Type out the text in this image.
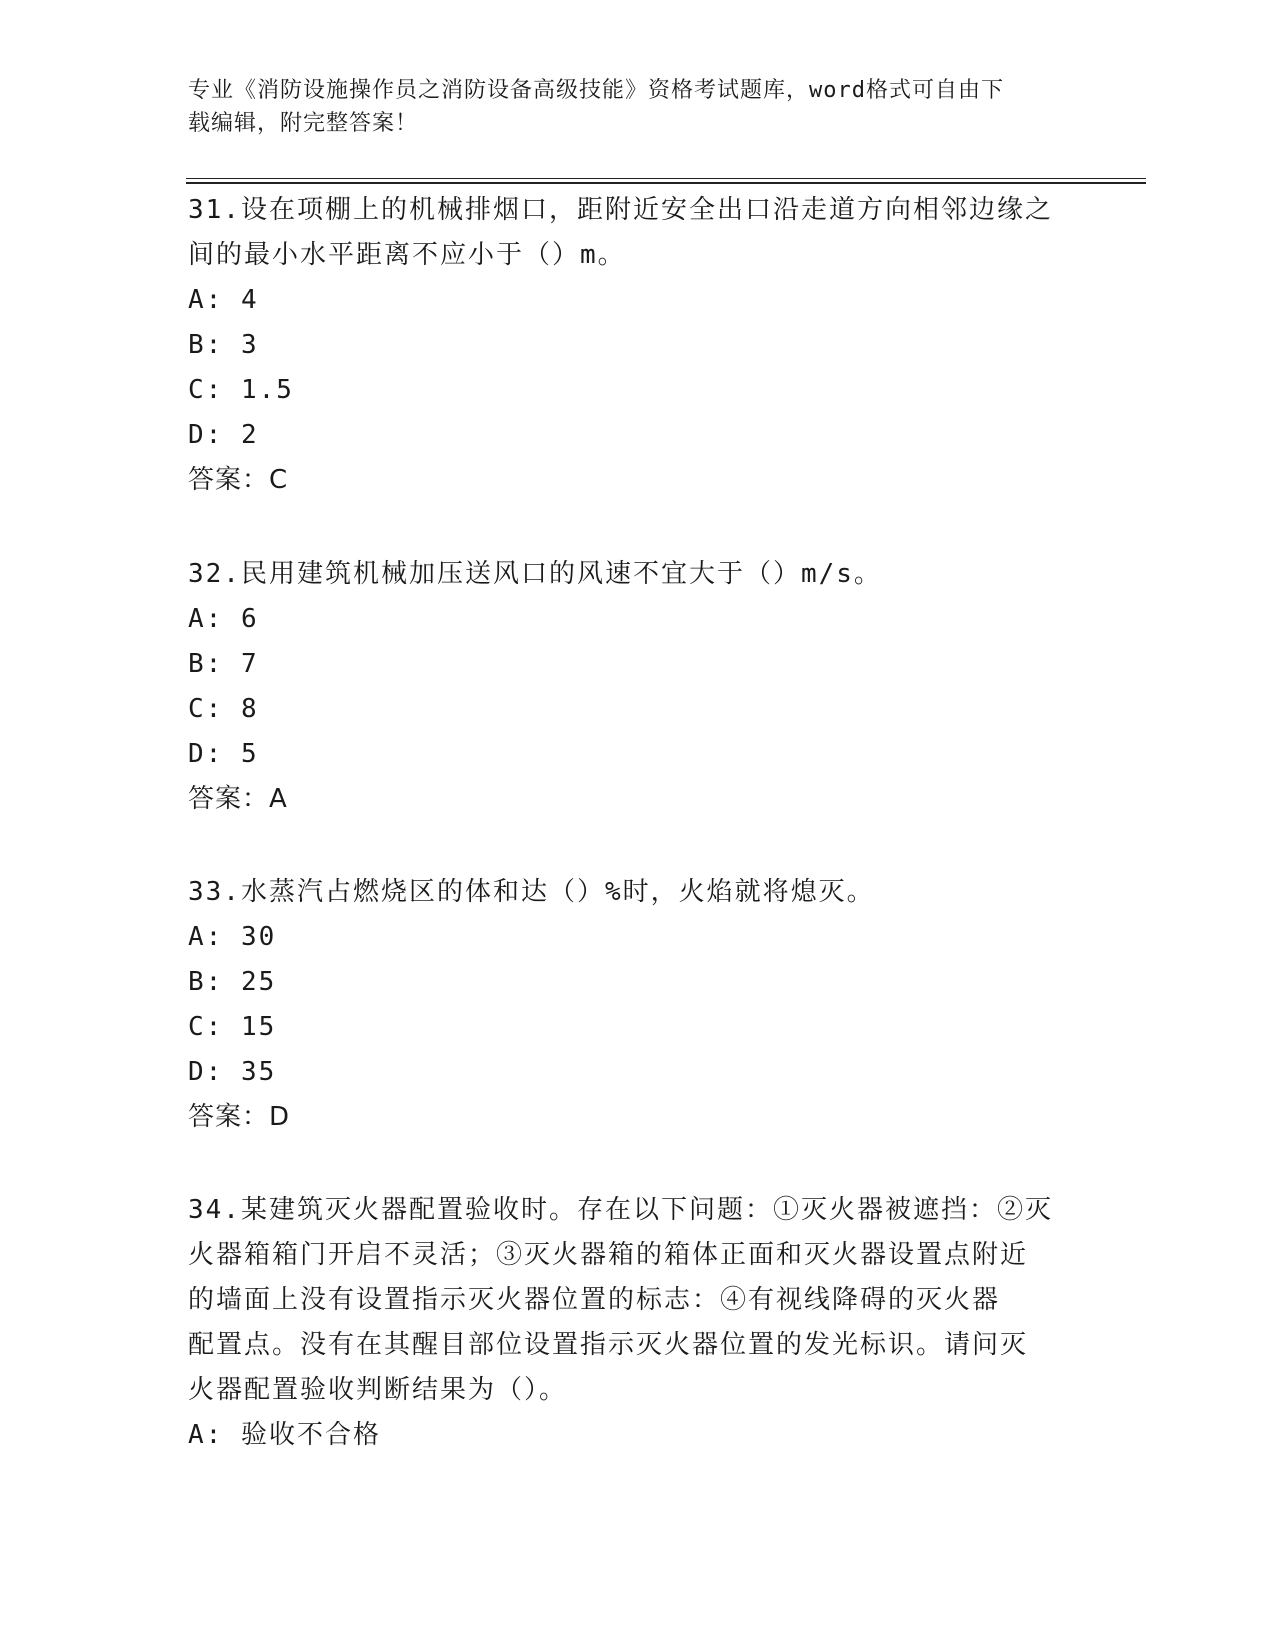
专业《消防设施操作员之消防设备高级技能》资格考试题库，word格式可自由下
载编辑，附完整答案！

31.设在项棚上的机械排烟口，距附近安全出口沿走道方向相邻边缘之

间的最小水平距离不应小于（）m。

A: 4

B: 3

C: 1.5

D: 2

答案：C

32.民用建筑机械加压送风口的风速不宜大于（）m/s。

A: 6

B: 7

C: 8

D: 5

答案：A

33.水蒸汽占燃烧区的体和达（）%时，火焰就将熄灭。

A: 30

B: 25

C: 15

D: 35

答案：D

34.某建筑灭火器配置验收时。存在以下问题：①灭火器被遮挡：②灭

火器箱箱门开启不灵活；③灭火器箱的箱体正面和灭火器设置点附近

的墙面上没有设置指示灭火器位置的标志：④有视线降碍的灭火器

配置点。没有在其醒目部位设置指示灭火器位置的发光标识。请问灭

火器配置验收判断结果为（）。

A: 验收不合格
